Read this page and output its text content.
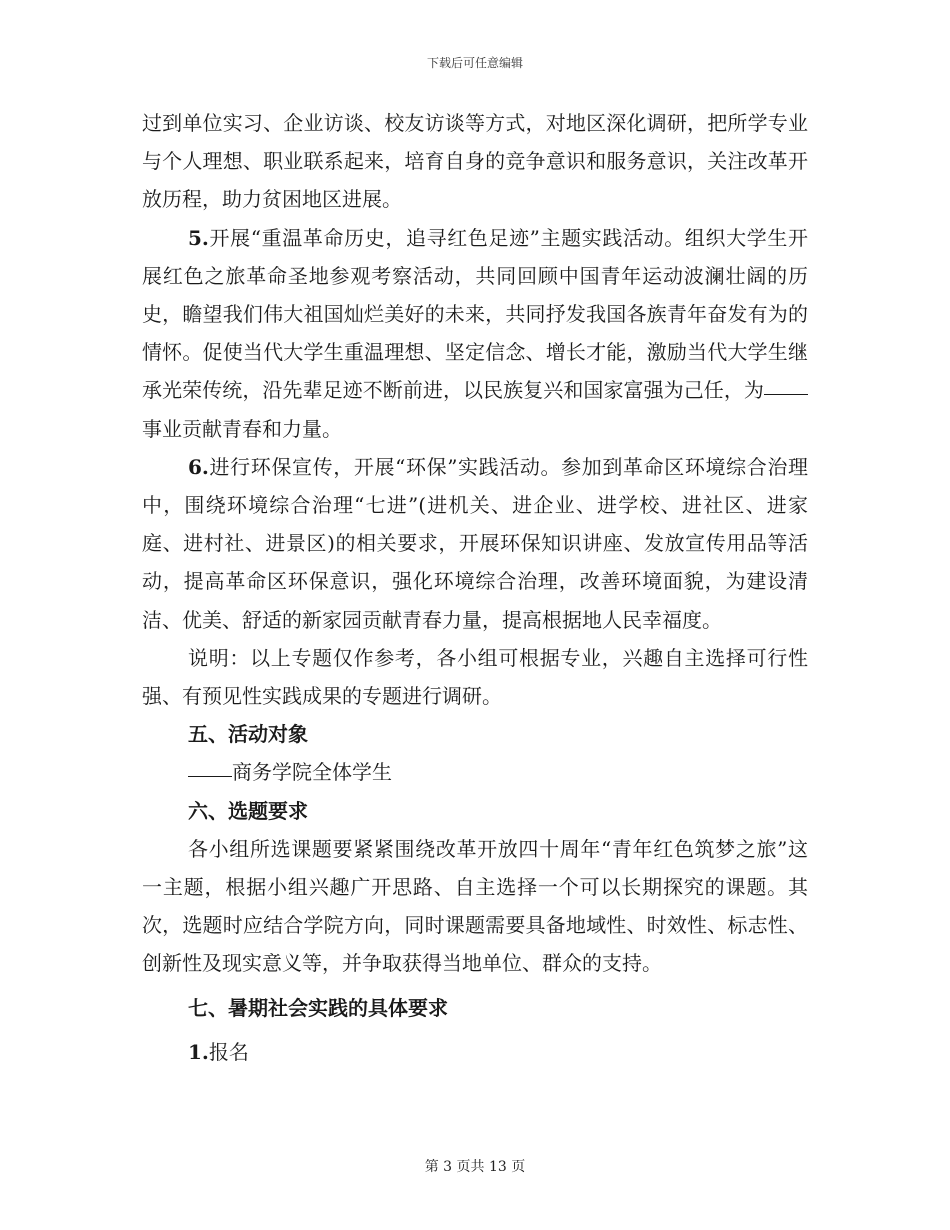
下载后可任意编辑

过到单位实习、企业访谈、校友访谈等方式，对地区深化调研，把所学专业与个人理想、职业联系起来，培育自身的竞争意识和服务意识，关注改革开放历程，助力贫困地区进展。

5.开展“重温革命历史，追寻红色足迹”主题实践活动。组织大学生开展红色之旅革命圣地参观考察活动，共同回顾中国青年运动波澜壮阔的历史，瞻望我们伟大祖国灿烂美好的未来，共同抒发我国各族青年奋发有为的情怀。促使当代大学生重温理想、坚定信念、增长才能，激励当代大学生继承光荣传统，沿先辈足迹不断前进，以民族复兴和国家富强为己任，为事业贡献青春和力量。

6.进行环保宣传，开展“环保”实践活动。参加到革命区环境综合治理中，围绕环境综合治理“七进”(进机关、进企业、进学校、进社区、进家庭、进村社、进景区)的相关要求，开展环保知识讲座、发放宣传用品等活动，提高革命区环保意识，强化环境综合治理，改善环境面貌，为建设清洁、优美、舒适的新家园贡献青春力量，提高根据地人民幸福度。

说明：以上专题仅作参考，各小组可根据专业，兴趣自主选择可行性强、有预见性实践成果的专题进行调研。

五、活动对象

商务学院全体学生

六、选题要求

各小组所选课题要紧紧围绕改革开放四十周年“青年红色筑梦之旅”这一主题，根据小组兴趣广开思路、自主选择一个可以长期探究的课题。其次，选题时应结合学院方向，同时课题需要具备地域性、时效性、标志性、创新性及现实意义等，并争取获得当地单位、群众的支持。

七、暑期社会实践的具体要求

1.报名

第 3 页共 13 页
